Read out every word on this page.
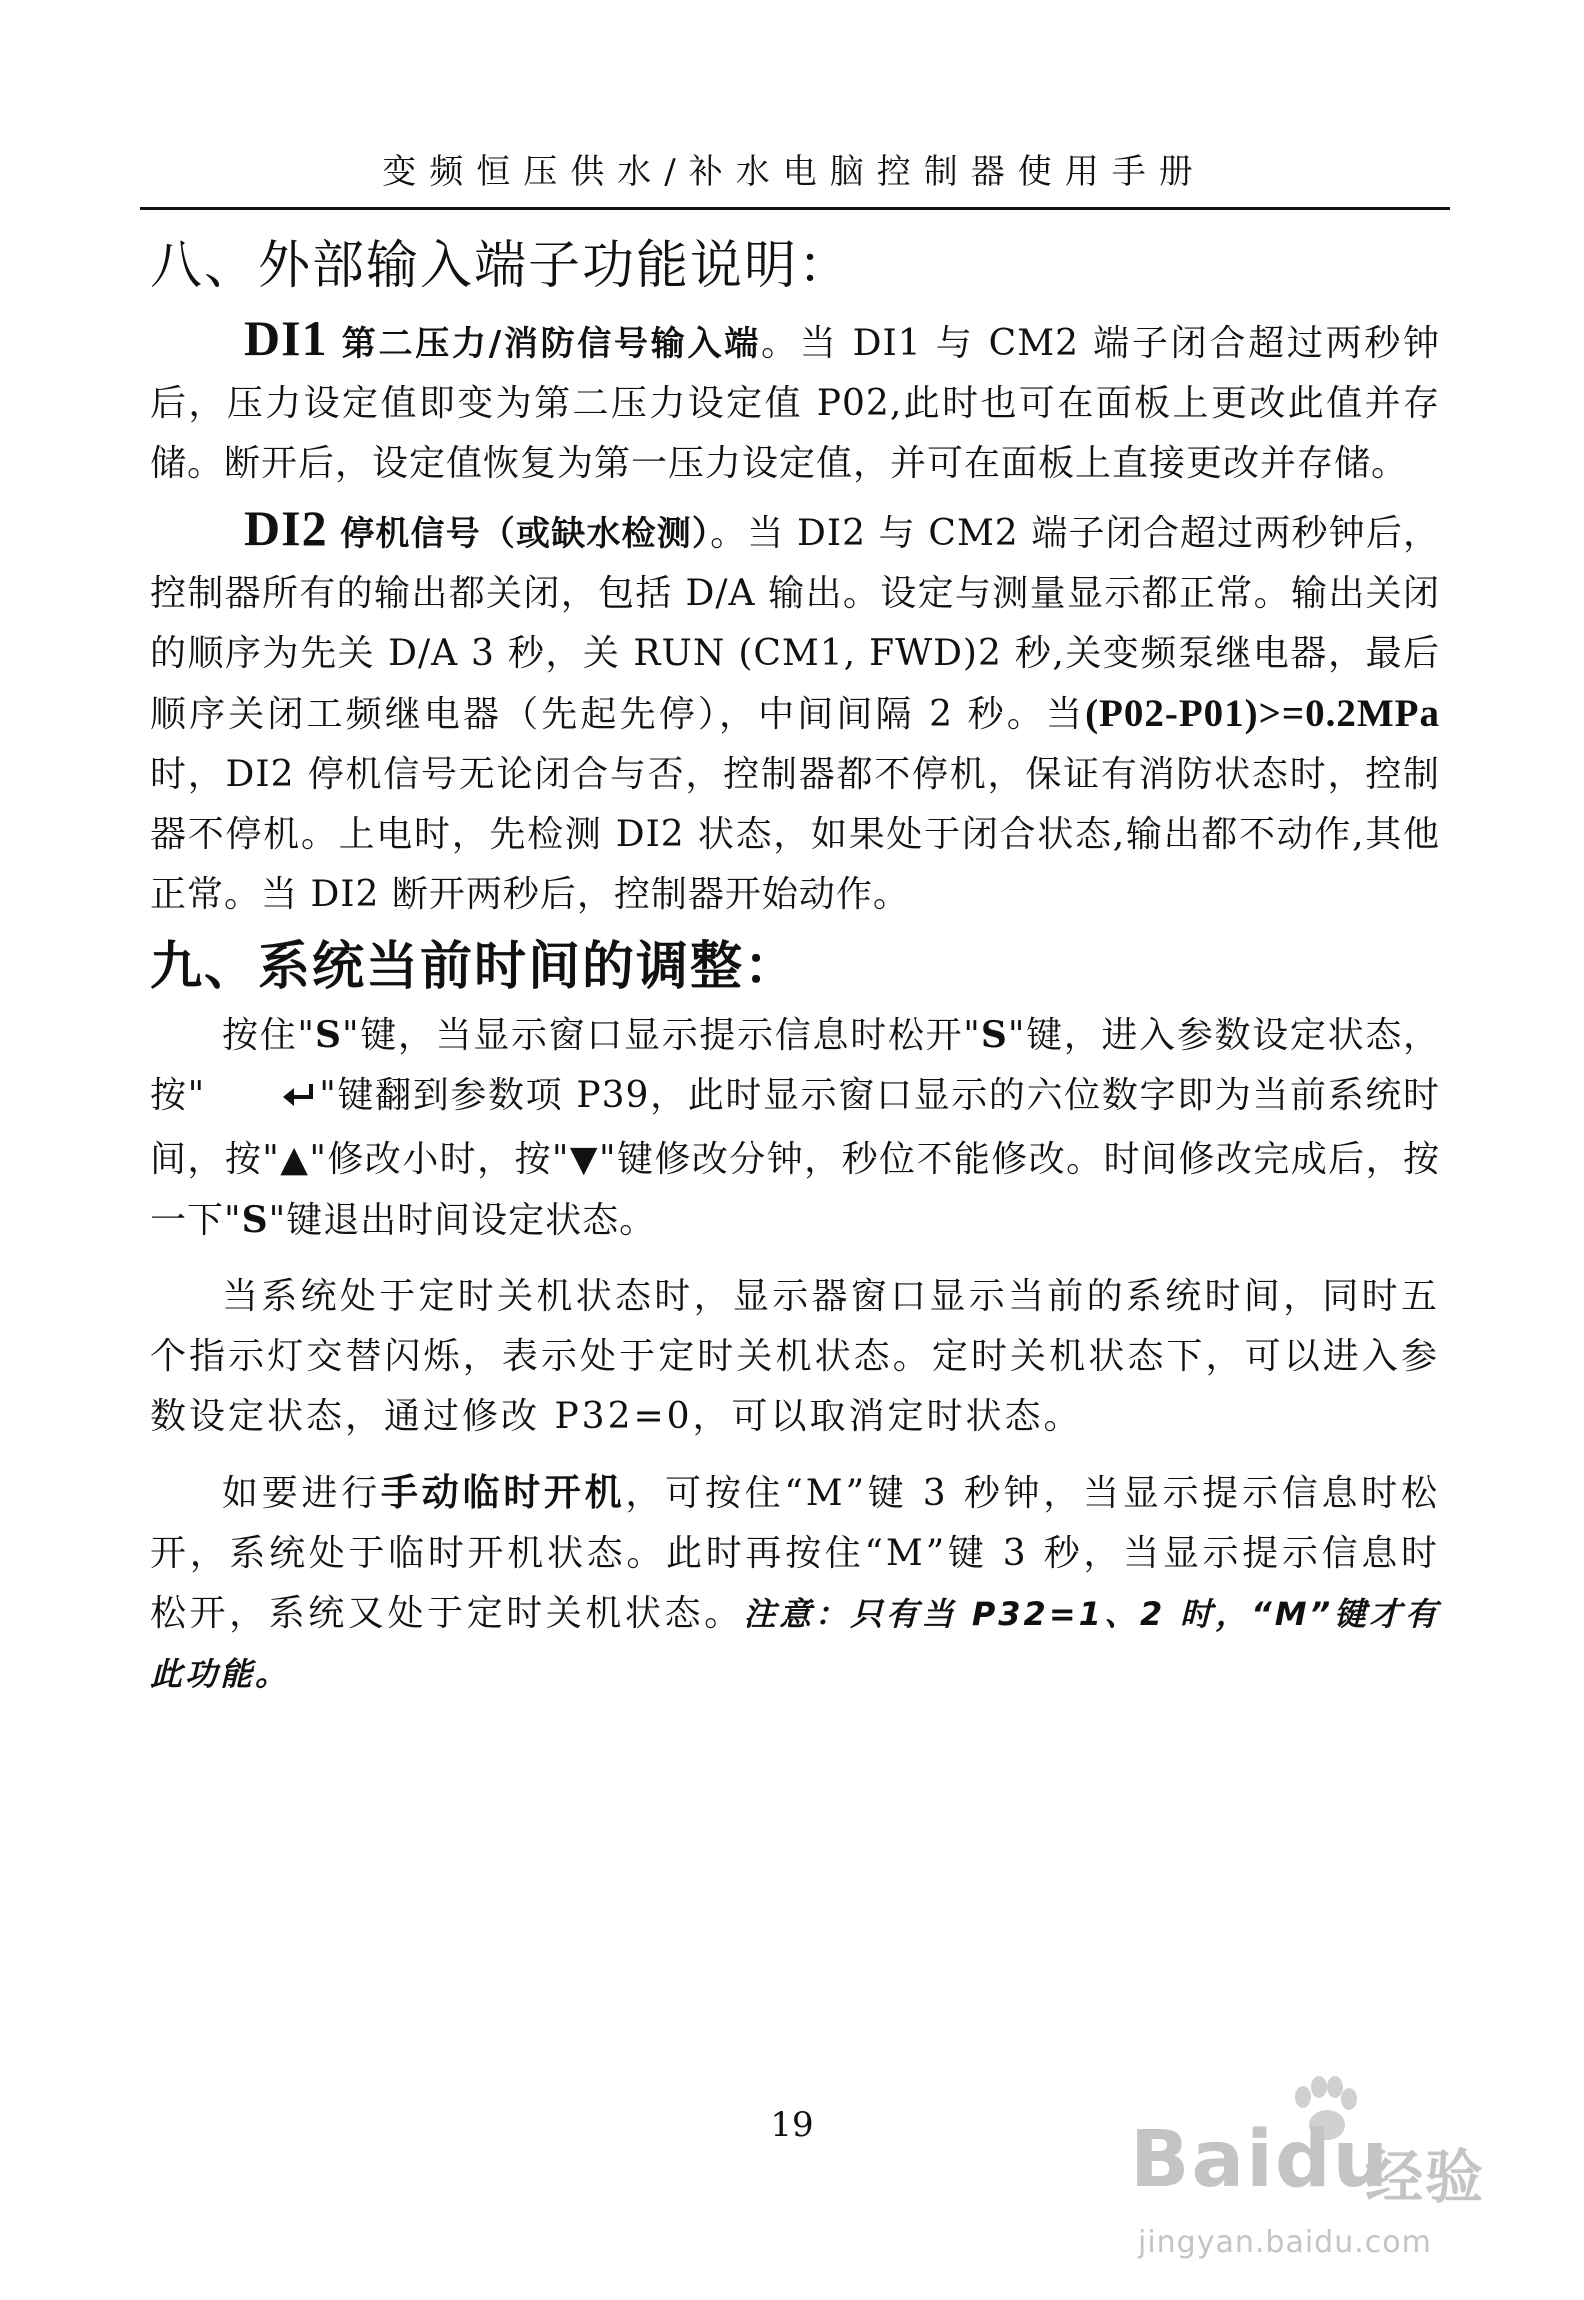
变频恒压供水/补水电脑控制器使用手册
八、外部输入端子功能说明：

DI1 第二压力/消防信号输入端。当 DI1 与 CM2 端子闭合超过两秒钟后，压力设定值即变为第二压力设定值 P02,此时也可在面板上更改此值并存储。断开后，设定值恢复为第一压力设定值，并可在面板上直接更改并存储。

DI2 停机信号（或缺水检测）。当 DI2 与 CM2 端子闭合超过两秒钟后，控制器所有的输出都关闭，包括 D/A 输出。设定与测量显示都正常。输出关闭的顺序为先关 D/A 3 秒，关 RUN (CM1, FWD)2 秒,关变频泵继电器，最后顺序关闭工频继电器（先起先停），中间间隔 2 秒。当(P02-P01)>=0.2MPa 时，DI2 停机信号无论闭合与否，控制器都不停机，保证有消防状态时，控制器不停机。上电时，先检测 DI2 状态，如果处于闭合状态,输出都不动作,其他正常。当 DI2 断开两秒后，控制器开始动作。

九、系统当前时间的调整：

按住"S"键，当显示窗口显示提示信息时松开"S"键，进入参数设定状态，按"	"键翻到参数项 P39，此时显示窗口显示的六位数字即为当前系统时间，按"▲"修改小时，按"▼"键修改分钟，秒位不能修改。时间修改完成后，按一下"S"键退出时间设定状态。

当系统处于定时关机状态时，显示器窗口显示当前的系统时间，同时五个指示灯交替闪烁，表示处于定时关机状态。定时关机状态下，可以进入参数设定状态，通过修改 P32=0，可以取消定时状态。

如要进行手动临时开机，可按住“M”键 3 秒钟，当显示提示信息时松开，系统处于临时开机状态。此时再按住“M”键 3 秒，当显示提示信息时松开，系统又处于定时关机状态。注意：只有当 P32=1、2 时，“M”键才有此功能。

19	Baidu
经验
jingyan.baidu.com
